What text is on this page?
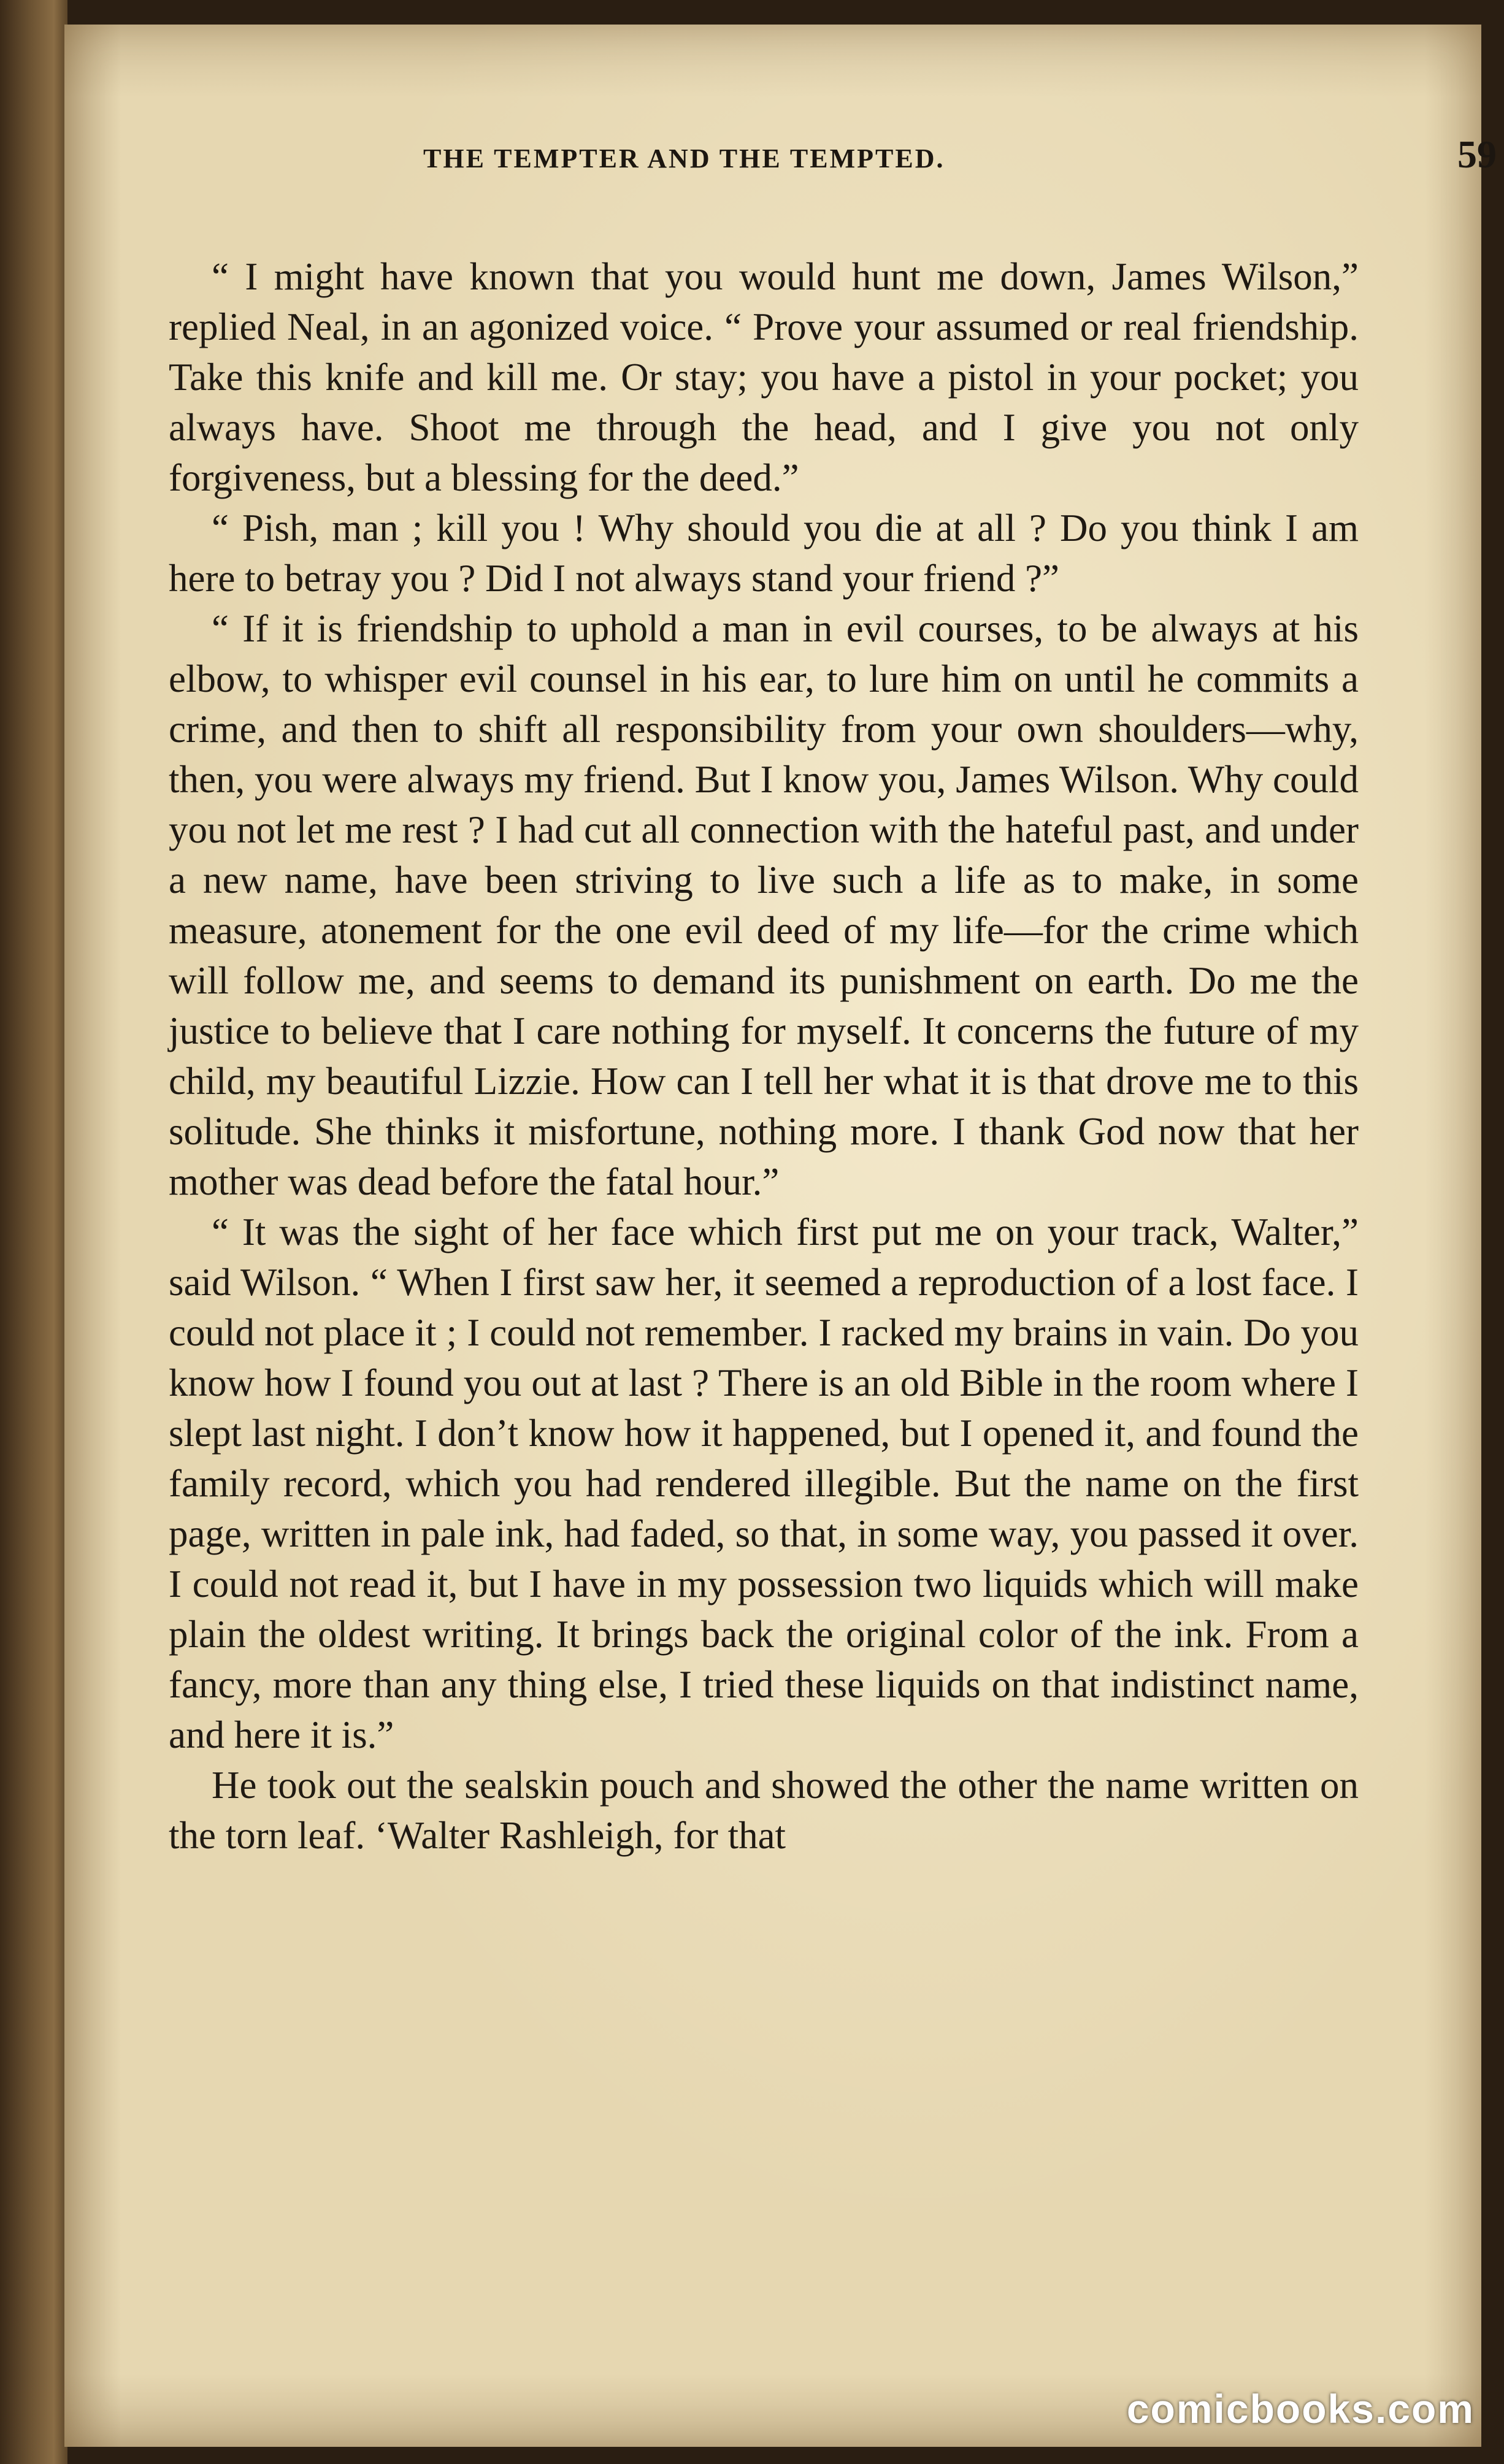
THE TEMPTER AND THE TEMPTED.	59

“ I might have known that you would hunt me down, James Wilson,” replied Neal, in an agonized voice. “ Prove your assumed or real friendship. Take this knife and kill me. Or stay; you have a pistol in your pocket; you always have. Shoot me through the head, and I give you not only forgiveness, but a blessing for the deed.”

“ Pish, man ; kill you ! Why should you die at all ? Do you think I am here to betray you ? Did I not always stand your friend ?”

“ If it is friendship to uphold a man in evil courses, to be always at his elbow, to whisper evil counsel in his ear, to lure him on until he commits a crime, and then to shift all responsibility from your own shoulders—why, then, you were always my friend. But I know you, James Wilson. Why could you not let me rest ? I had cut all connection with the hateful past, and under a new name, have been striving to live such a life as to make, in some measure, atonement for the one evil deed of my life—for the crime which will follow me, and seems to demand its punishment on earth. Do me the justice to believe that I care nothing for myself. It concerns the future of my child, my beautiful Lizzie. How can I tell her what it is that drove me to this solitude. She thinks it misfortune, nothing more. I thank God now that her mother was dead before the fatal hour.”

“ It was the sight of her face which first put me on your track, Walter,” said Wilson. “ When I first saw her, it seemed a reproduction of a lost face. I could not place it ; I could not remember. I racked my brains in vain. Do you know how I found you out at last ? There is an old Bible in the room where I slept last night. I don’t know how it happened, but I opened it, and found the family record, which you had rendered illegible. But the name on the first page, written in pale ink, had faded, so that, in some way, you passed it over. I could not read it, but I have in my possession two liquids which will make plain the oldest writing. It brings back the original color of the ink. From a fancy, more than any thing else, I tried these liquids on that indistinct name, and here it is.”

He took out the sealskin pouch and showed the other the name written on the torn leaf. ‘Walter Rashleigh, for that

comicbooks.com
